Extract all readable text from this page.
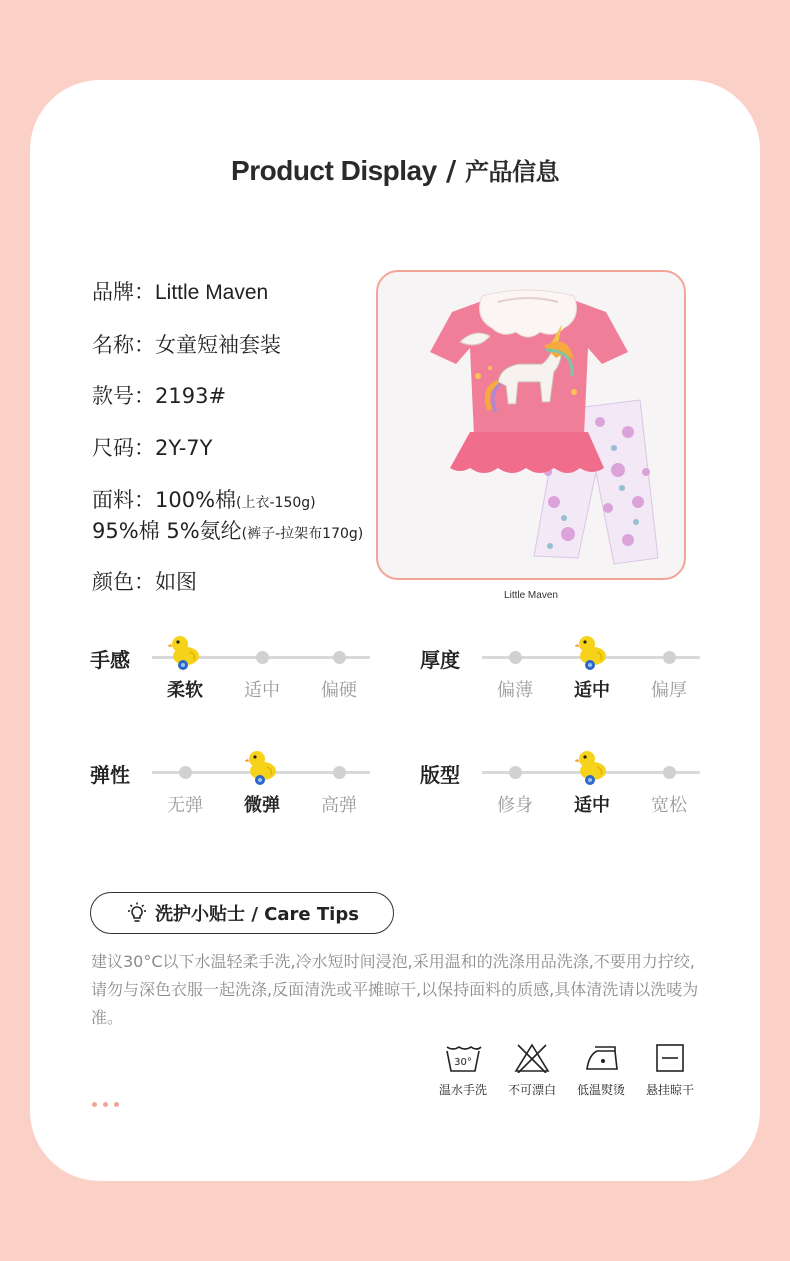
Product Display / 产品信息
品牌：Little Maven
名称：女童短袖套装
款号：2193#
尺码：2Y-7Y
面料：100%棉(上衣-150g)
95%棉 5%氨纶(裤子-拉架布170g)
颜色：如图
Little Maven
手感
柔软	适中	偏硬
厚度
偏薄	适中	偏厚
弹性
无弹	微弹	高弹
版型
修身	适中	宽松
洗护小贴士 / Care Tips
建议30°C以下水温轻柔手洗,冷水短时间浸泡,采用温和的洗涤用品洗涤,不要用力拧绞,请勿与深色衣服一起洗涤,反面清洗或平摊晾干,以保持面料的质感,具体清洗请以洗唛为准。
30°
温水手洗	不可漂白	低温熨烫	悬挂晾干
